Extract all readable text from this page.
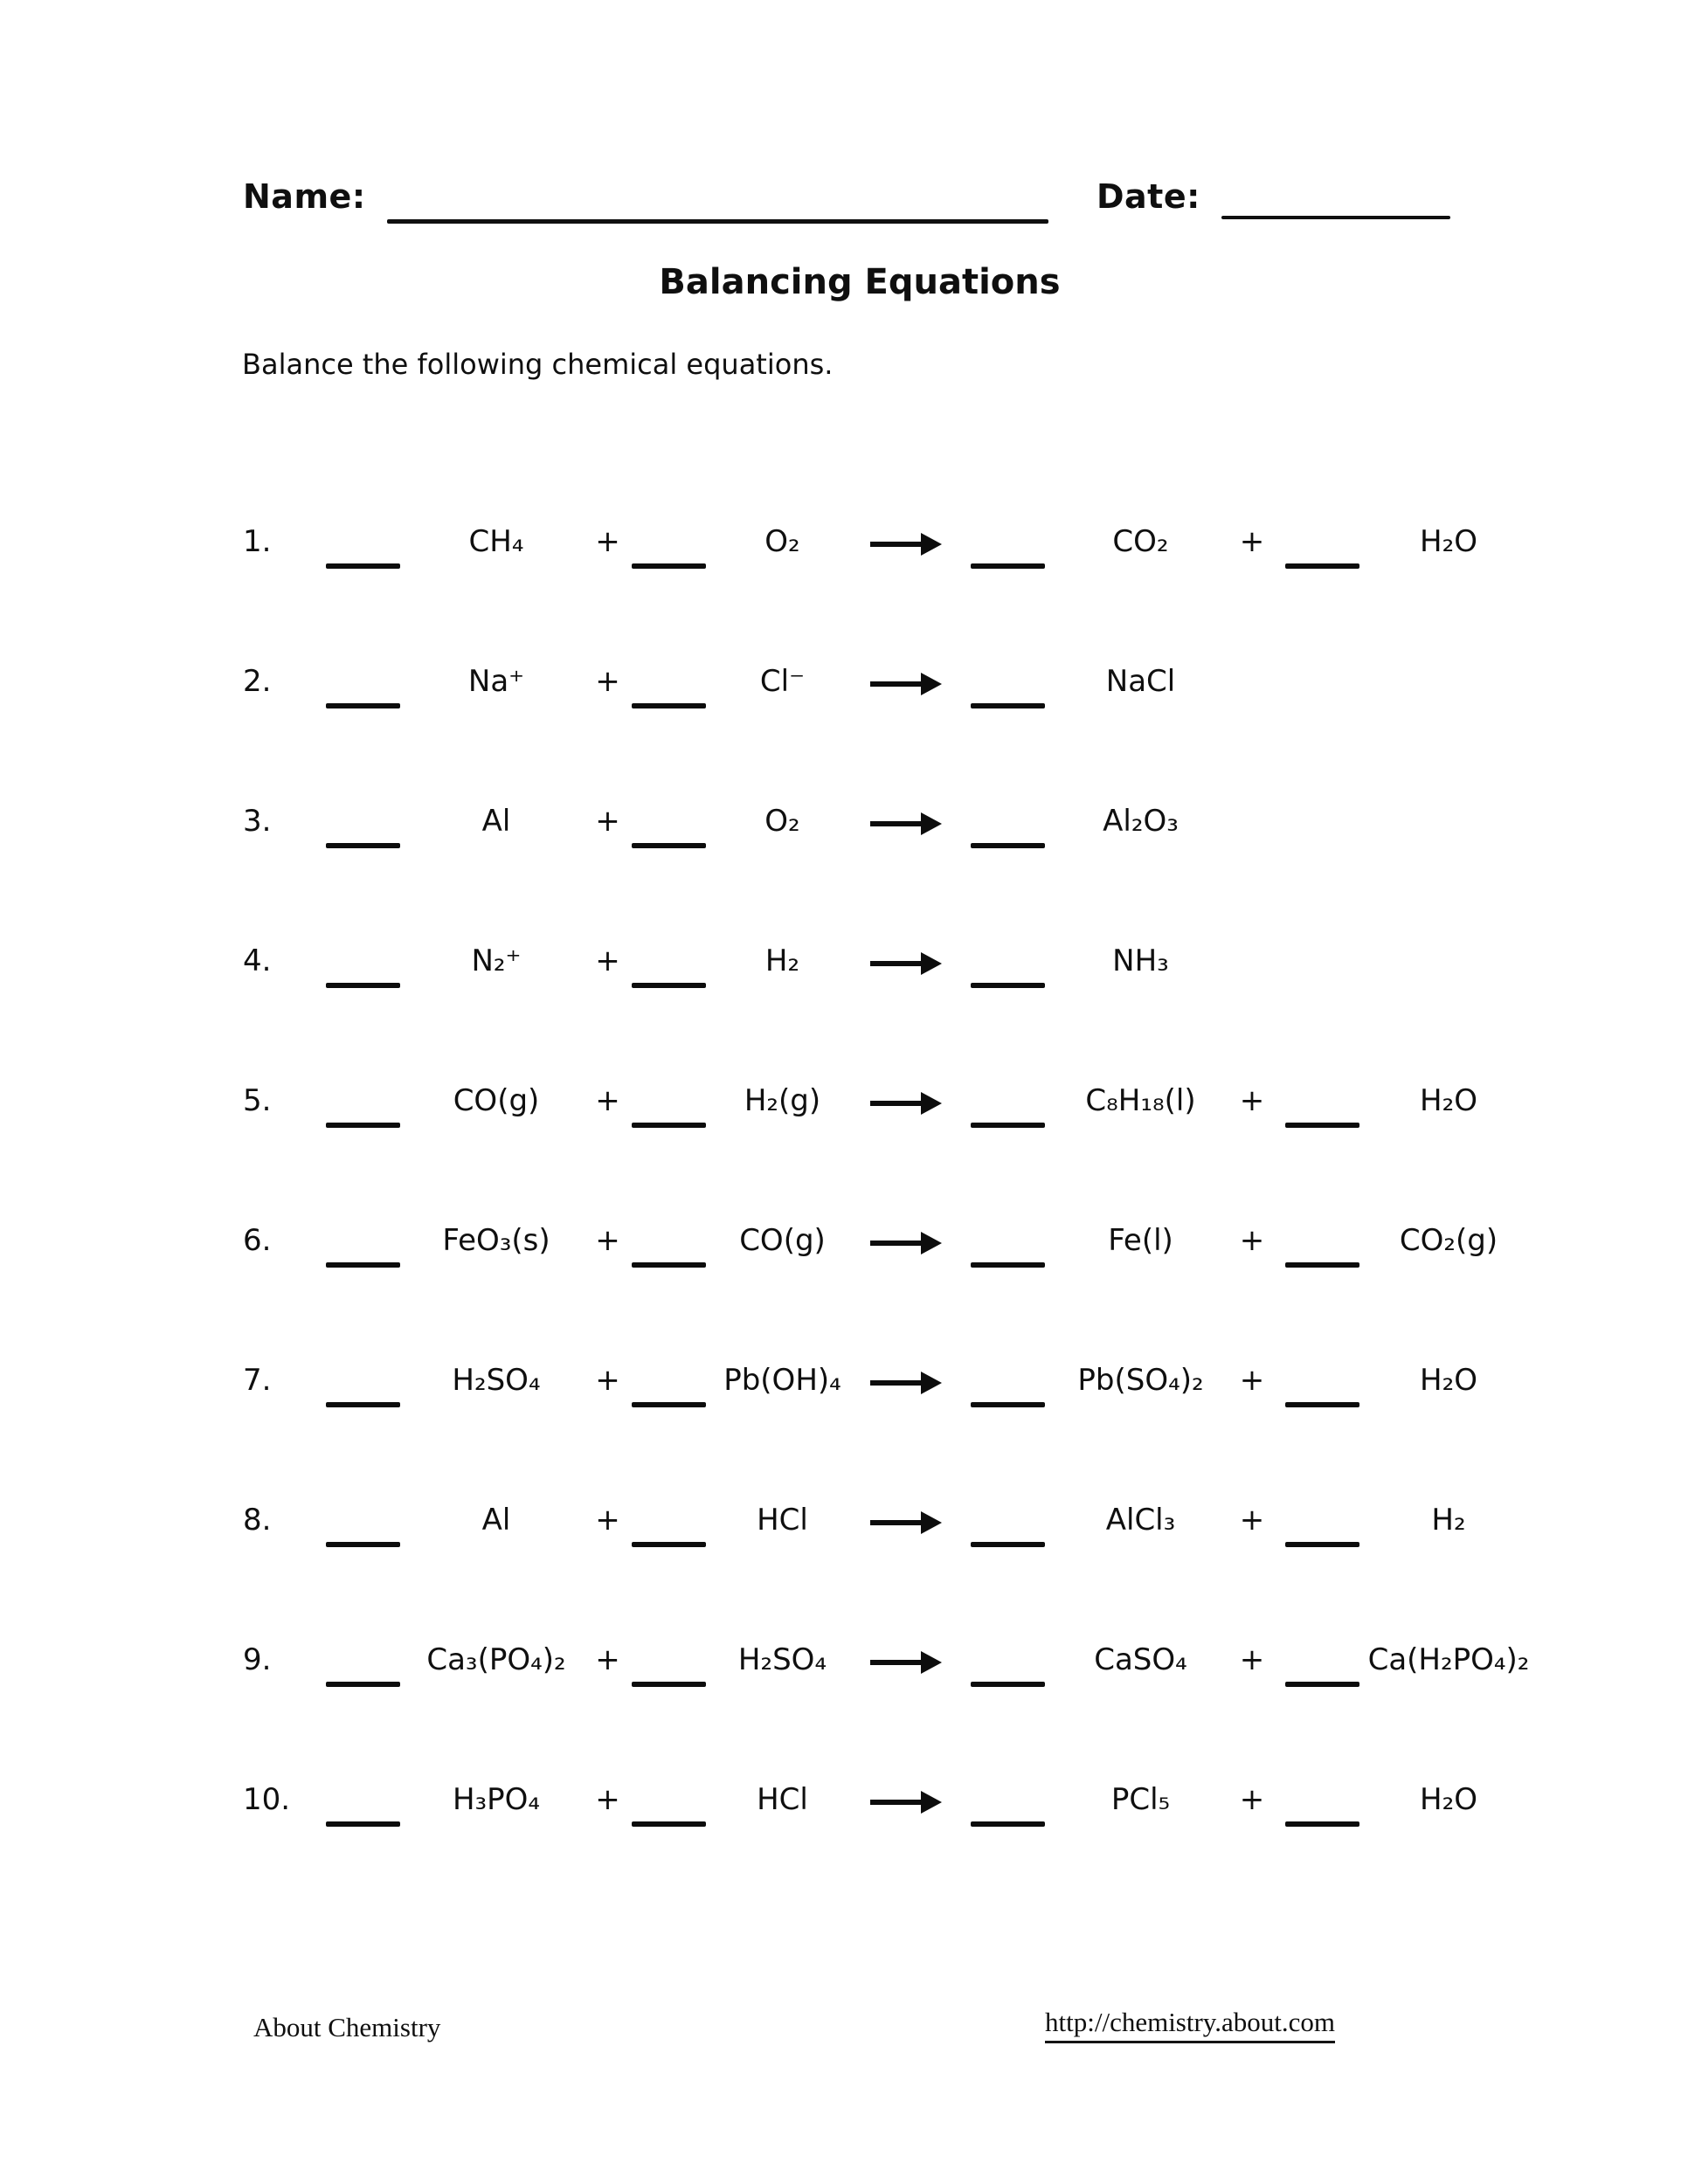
Name:	Date:
Balancing Equations
Balance the following chemical equations.
1.	CH₄	+	O₂	CO₂	+	H₂O
2.	Na⁺	+	Cl⁻	NaCl
3.	Al	+	O₂	Al₂O₃
4.	N₂⁺	+	H₂	NH₃
5.	CO(g)	+	H₂(g)	→	C₈H₁₈(l)	+	H₂O
6.	FeO₃(s)	+	CO(g) →	Fe(l)	+	CO₂(g)
7.	H₂SO₄	+	Pb(OH)₄ →	Pb(SO₄)₂	+	H₂O
8.	Al	+	HCl	AlCl₃	+	H₂
9.	Ca₃(PO₄)₂ +	H₂SO₄ →	CaSO₄	+	Ca(H₂PO₄)₂
10.	H₃PO₄	+	HCl	PCl₅	+	H₂O
About Chemistry	http://chemistry.about.com
